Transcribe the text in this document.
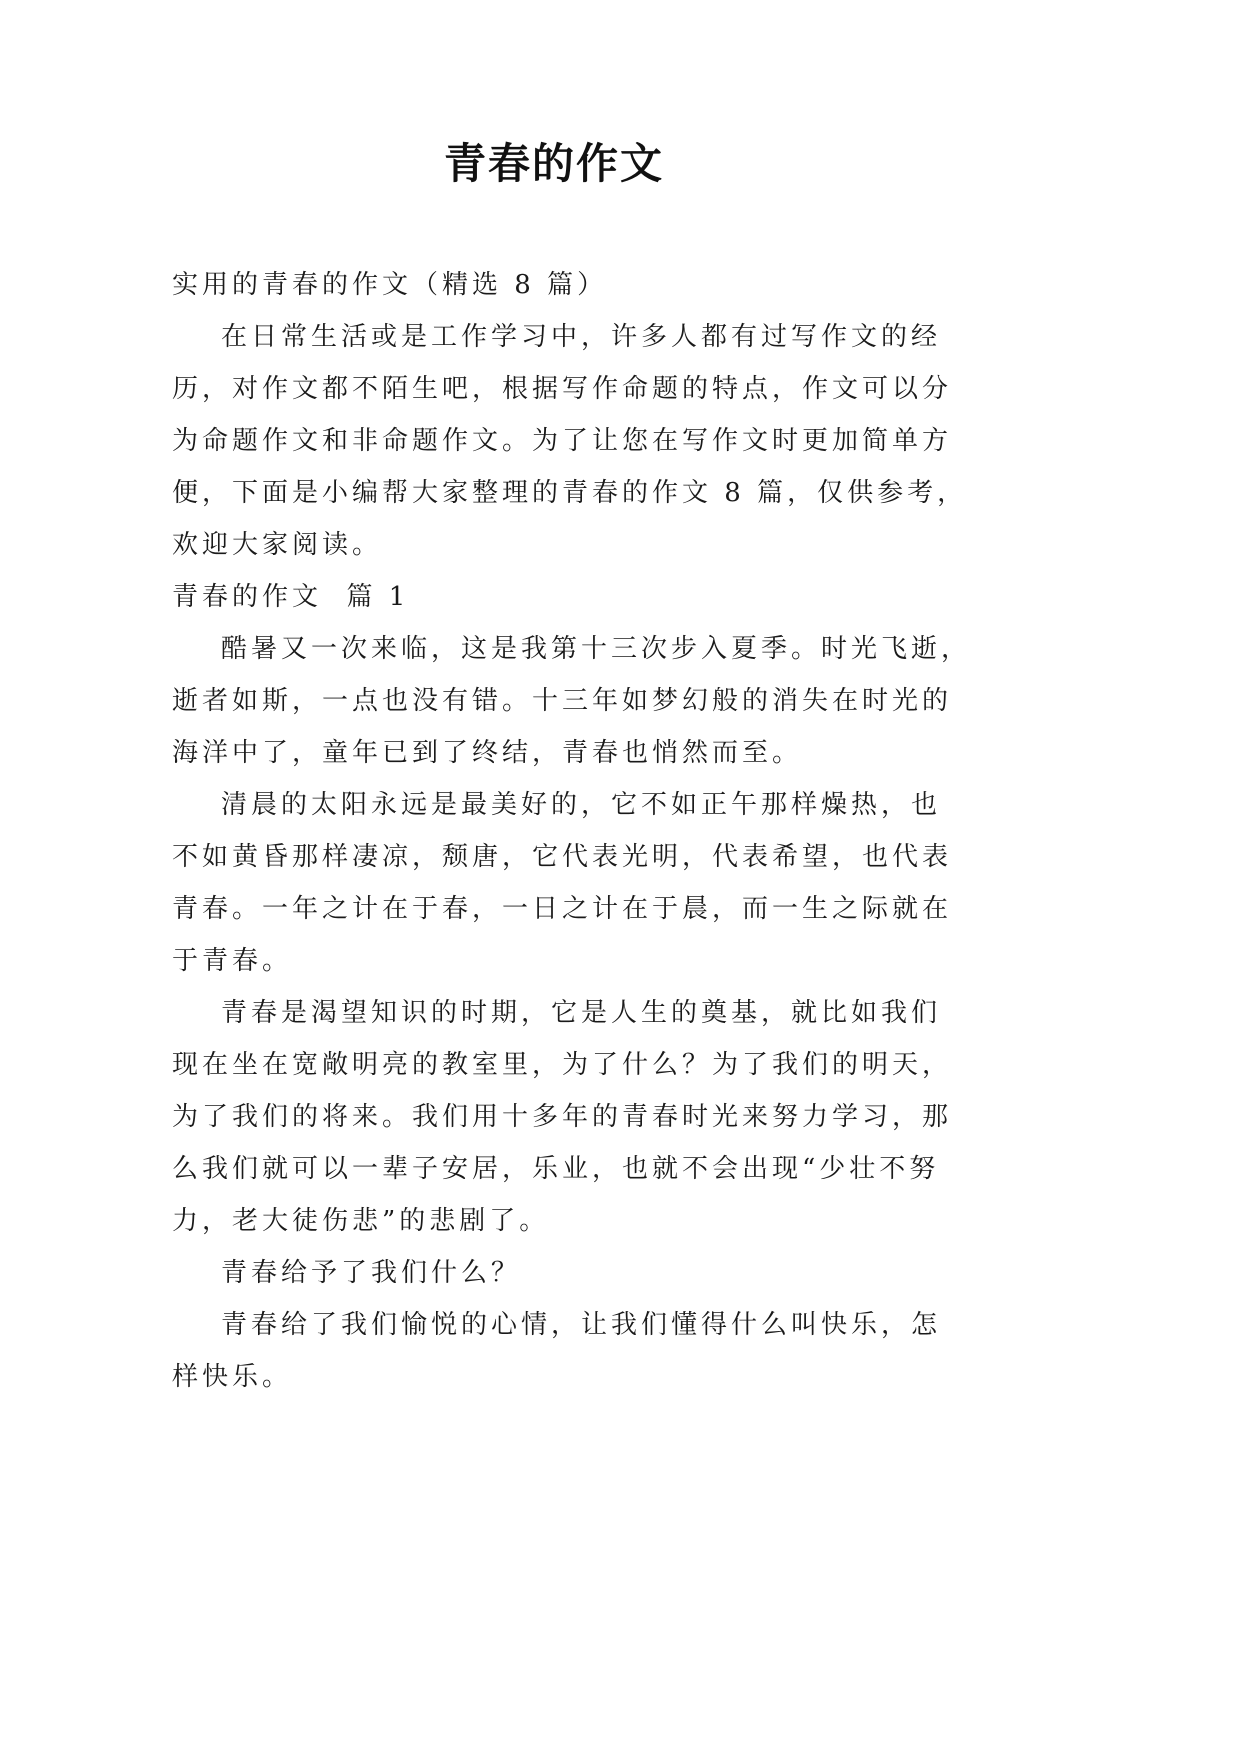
青春的作文

实用的青春的作文（精选 8 篇）

在日常生活或是工作学习中，许多人都有过写作文的经

历，对作文都不陌生吧，根据写作命题的特点，作文可以分

为命题作文和非命题作文。为了让您在写作文时更加简单方

便，下面是小编帮大家整理的青春的作文 8 篇，仅供参考，

欢迎大家阅读。

青春的作文  篇 1

酷暑又一次来临，这是我第十三次步入夏季。时光飞逝，

逝者如斯，一点也没有错。十三年如梦幻般的消失在时光的

海洋中了，童年已到了终结，青春也悄然而至。

清晨的太阳永远是最美好的，它不如正午那样燥热，也

不如黄昏那样凄凉，颓唐，它代表光明，代表希望，也代表

青春。一年之计在于春，一日之计在于晨，而一生之际就在

于青春。

青春是渴望知识的时期，它是人生的奠基，就比如我们

现在坐在宽敞明亮的教室里，为了什么？为了我们的明天，

为了我们的将来。我们用十多年的青春时光来努力学习，那

么我们就可以一辈子安居，乐业，也就不会出现“少壮不努

力，老大徒伤悲”的悲剧了。

青春给予了我们什么？

青春给了我们愉悦的心情，让我们懂得什么叫快乐，怎

样快乐。
